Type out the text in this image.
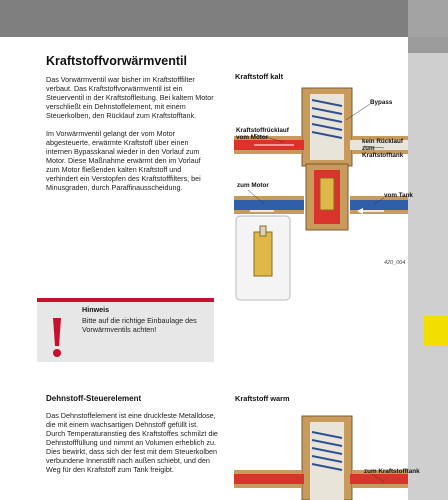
Kraftstoffvorwärmventil

Das Vorwärmventil war bisher im Kraftstofffilter verbaut. Das Kraftstoffvorwärmventil ist ein Steuerventil in der Kraftstoffleitung. Bei kaltem Motor verschließt ein Dehnstoffelement, mit einem Steuerkolben, den Rücklauf zum Kraftstofftank.

Im Vorwärmventil gelangt der vom Motor abgesteuerte, erwärmte Kraftstoff über einen internen Bypasskanal wieder in den Vorlauf zum Motor. Diese Maßnahme erwärmt den im Vorlauf zum Motor fließenden kalten Kraftstoff und verhindert ein Verstopfen des Kraftstofffilters, bei Minusgraden, durch Paraffinausscheidung.

Hinweis
Bitte auf die richtige Einbaulage des Vorwärmventils achten!
Dehnstoff-Steuerelement
Das Dehnstoffelement ist eine druckfeste Metalldose, die mit einem wachsartigen Dehnstoff gefüllt ist. Durch Temperaturanstieg des Kraftstoffes schmilzt die Dehnstofffüllung und nimmt an Volumen erheblich zu. Dies bewirkt, dass sich der fest mit dem Steuerkolben verbundene Innenstift nach außen schiebt, und den Weg für den Kraftstoff zum Tank freigibt.
Kraftstoff kalt
Bypass
Kraftstoffrücklauf vom Motor
kein Rücklauf zum Kraftstofftank
zum Motor
vom Tank
420_004
Kraftstoff warm
zum Kraftstofftank
